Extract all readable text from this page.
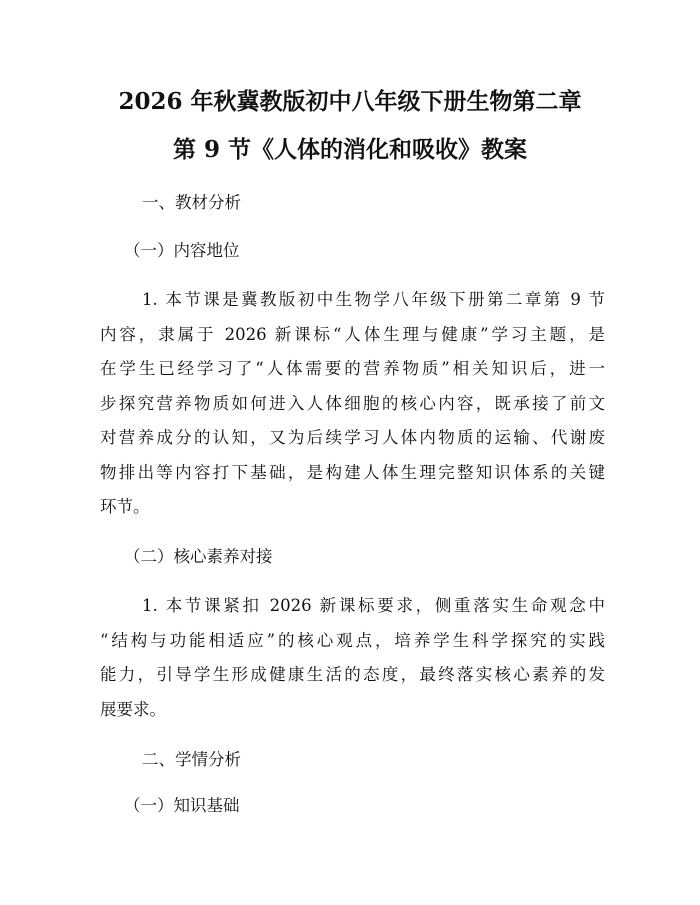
2026 年秋冀教版初中八年级下册生物第二章
第 9 节《人体的消化和吸收》教案
一、教材分析
（一）内容地位
1. 本节课是冀教版初中生物学八年级下册第二章第 9 节
内容，隶属于 2026 新课标“人体生理与健康”学习主题，是
在学生已经学习了“人体需要的营养物质”相关知识后，进一
步探究营养物质如何进入人体细胞的核心内容，既承接了前文
对营养成分的认知，又为后续学习人体内物质的运输、代谢废
物排出等内容打下基础，是构建人体生理完整知识体系的关键
环节。
（二）核心素养对接
1. 本节课紧扣 2026 新课标要求，侧重落实生命观念中
“结构与功能相适应”的核心观点，培养学生科学探究的实践
能力，引导学生形成健康生活的态度，最终落实核心素养的发
展要求。
二、学情分析
（一）知识基础
